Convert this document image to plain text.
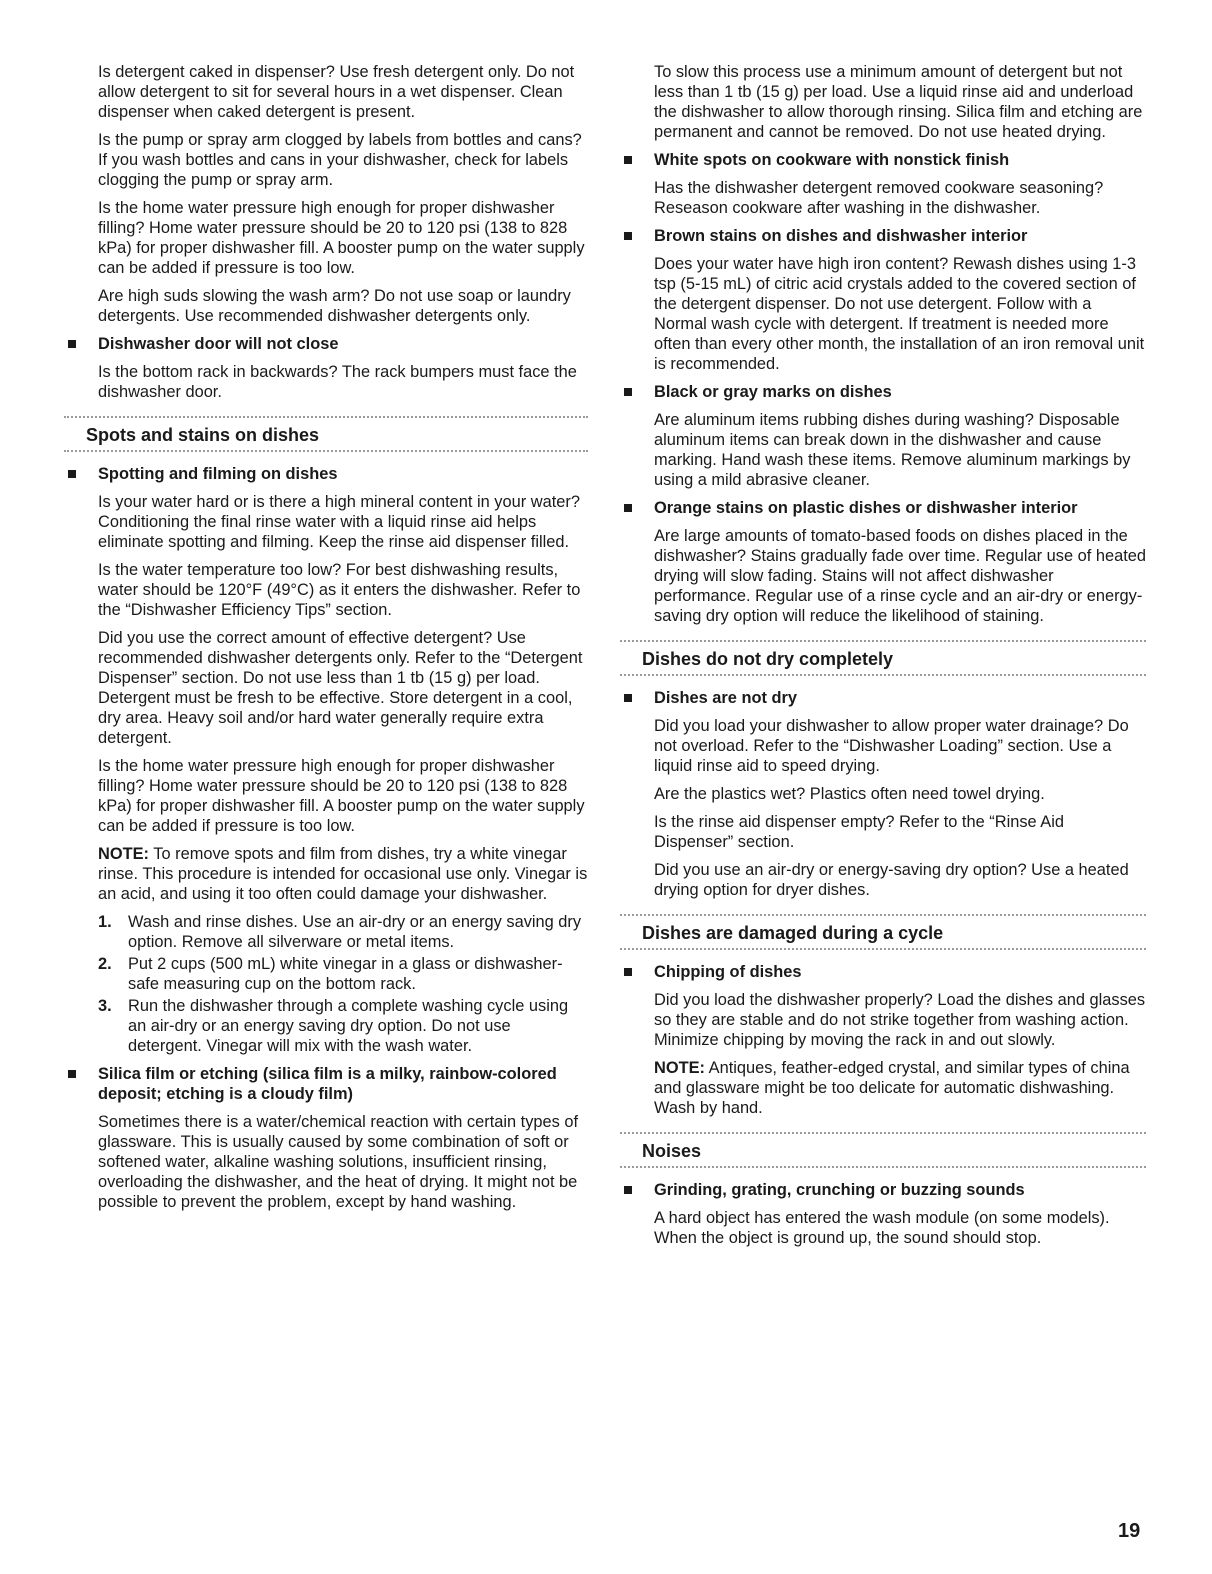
Is detergent caked in dispenser? Use fresh detergent only. Do not allow detergent to sit for several hours in a wet dispenser. Clean dispenser when caked detergent is present.

Is the pump or spray arm clogged by labels from bottles and cans? If you wash bottles and cans in your dishwasher, check for labels clogging the pump or spray arm.

Is the home water pressure high enough for proper dishwasher filling? Home water pressure should be 20 to 120 psi (138 to 828 kPa) for proper dishwasher fill. A booster pump on the water supply can be added if pressure is too low.

Are high suds slowing the wash arm? Do not use soap or laundry detergents. Use recommended dishwasher detergents only.

Dishwasher door will not close

Is the bottom rack in backwards? The rack bumpers must face the dishwasher door.

Spots and stains on dishes
Spotting and filming on dishes

Is your water hard or is there a high mineral content in your water? Conditioning the final rinse water with a liquid rinse aid helps eliminate spotting and filming. Keep the rinse aid dispenser filled.

Is the water temperature too low? For best dishwashing results, water should be 120°F (49°C) as it enters the dishwasher. Refer to the “Dishwasher Efficiency Tips” section.

Did you use the correct amount of effective detergent? Use recommended dishwasher detergents only. Refer to the “Detergent Dispenser” section. Do not use less than 1 tb (15 g) per load. Detergent must be fresh to be effective. Store detergent in a cool, dry area. Heavy soil and/or hard water generally require extra detergent.

Is the home water pressure high enough for proper dishwasher filling? Home water pressure should be 20 to 120 psi (138 to 828 kPa) for proper dishwasher fill. A booster pump on the water supply can be added if pressure is too low.

NOTE: To remove spots and film from dishes, try a white vinegar rinse. This procedure is intended for occasional use only. Vinegar is an acid, and using it too often could damage your dishwasher.

1. Wash and rinse dishes. Use an air-dry or an energy saving dry option. Remove all silverware or metal items.
2. Put 2 cups (500 mL) white vinegar in a glass or dishwasher-safe measuring cup on the bottom rack.
3. Run the dishwasher through a complete washing cycle using an air-dry or an energy saving dry option. Do not use detergent. Vinegar will mix with the wash water.
Silica film or etching (silica film is a milky, rainbow-colored deposit; etching is a cloudy film)

Sometimes there is a water/chemical reaction with certain types of glassware. This is usually caused by some combination of soft or softened water, alkaline washing solutions, insufficient rinsing, overloading the dishwasher, and the heat of drying. It might not be possible to prevent the problem, except by hand washing.

To slow this process use a minimum amount of detergent but not less than 1 tb (15 g) per load. Use a liquid rinse aid and underload the dishwasher to allow thorough rinsing. Silica film and etching are permanent and cannot be removed. Do not use heated drying.

White spots on cookware with nonstick finish

Has the dishwasher detergent removed cookware seasoning? Reseason cookware after washing in the dishwasher.

Brown stains on dishes and dishwasher interior

Does your water have high iron content? Rewash dishes using 1-3 tsp (5-15 mL) of citric acid crystals added to the covered section of the detergent dispenser. Do not use detergent. Follow with a Normal wash cycle with detergent. If treatment is needed more often than every other month, the installation of an iron removal unit is recommended.

Black or gray marks on dishes

Are aluminum items rubbing dishes during washing? Disposable aluminum items can break down in the dishwasher and cause marking. Hand wash these items. Remove aluminum markings by using a mild abrasive cleaner.

Orange stains on plastic dishes or dishwasher interior

Are large amounts of tomato-based foods on dishes placed in the dishwasher? Stains gradually fade over time. Regular use of heated drying will slow fading. Stains will not affect dishwasher performance. Regular use of a rinse cycle and an air-dry or energy-saving dry option will reduce the likelihood of staining.

Dishes do not dry completely
Dishes are not dry

Did you load your dishwasher to allow proper water drainage? Do not overload. Refer to the “Dishwasher Loading” section. Use a liquid rinse aid to speed drying.

Are the plastics wet? Plastics often need towel drying.

Is the rinse aid dispenser empty? Refer to the “Rinse Aid Dispenser” section.

Did you use an air-dry or energy-saving dry option? Use a heated drying option for dryer dishes.

Dishes are damaged during a cycle
Chipping of dishes

Did you load the dishwasher properly? Load the dishes and glasses so they are stable and do not strike together from washing action. Minimize chipping by moving the rack in and out slowly.

NOTE: Antiques, feather-edged crystal, and similar types of china and glassware might be too delicate for automatic dishwashing. Wash by hand.

Noises
Grinding, grating, crunching or buzzing sounds

A hard object has entered the wash module (on some models). When the object is ground up, the sound should stop.

19
